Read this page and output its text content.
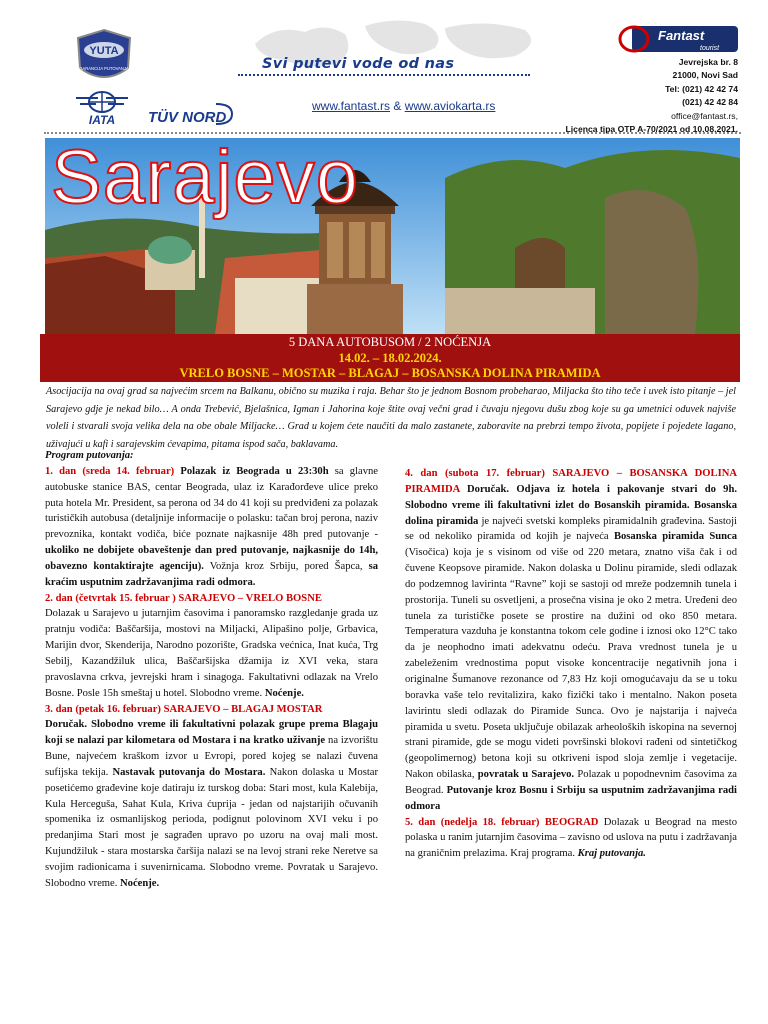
YUTA
GARANCIJA PUTOVANJA
IATA TÜV NORD
Svi putevi vode od nas
www.fantast.rs & www.aviokarta.rs
Fantast
tourist
Jevrejska br. 8
21000, Novi Sad
Tel: (021) 42 42 74
(021) 42 42 84
office@fantast.rs,
Licenca tipa OTP A-70/2021 od 10.08.2021.
Sarajevo
5 DANA AUTOBUSOM / 2 NOĆENJA
14.02. – 18.02.2024.
VRELO BOSNE – MOSTAR – BLAGAJ – BOSANSKA DOLINA PIRAMIDA
Asocijacija na ovaj grad sa najvećim srcem na Balkanu, obično su muzika i raja. Behar što je jednom Bosnom probeharao, Miljacka što tiho teče i uvek isto pitanje – jel Sarajevo gdje je nekad bilo… A onda Trebević, Bjelašnica, Igman i Jahorina koje štite ovaj večni grad i čuvaju njegovu dušu zbog koje su ga umetnici oduvek najviše voleli i stvarali svoja velika dela na obe obale Miljacke… Grad u kojem ćete naučiti da malo zastanete, zaboravite na prebrzi tempo života, popijete i pojedete lagano, uživajući u kafi i sarajevskim ćevapima, pitama ispod sača, baklavama.
Program putovanja:
1. dan (sreda 14. februar) Polazak iz Beograda u 23:30h sa glavne autobuske stanice BAS, centar Beograda, ulaz iz Karađorđeve ulice preko puta hotela Mr. President, sa perona od 34 do 41 koji su predviđeni za polazak turističkih autobusa (detaljnije informacije o polasku: tačan broj perona, naziv prevoznika, kontakt vodiča, biće poznate najkasnije 48h pred putovanje - ukoliko ne dobijete obaveštenje dan pred putovanje, najkasnije do 14h, obavezno kontaktirajte agenciju). Vožnja kroz Srbiju, pored Šapca, sa kraćim usputnim zadržavanjima radi odmora.
2. dan (četvrtak 15. februar ) SARAJEVO – VRELO BOSNE
Dolazak u Sarajevo u jutarnjim časovima i panoramsko razgledanje grada uz pratnju vodiča: Baščaršija, mostovi na Miljacki, Alipašino polje, Grbavica, Marijin dvor, Skenderija, Narodno pozorište, Gradska većnica, Inat kuća, Trg Sebilj, Kazandžiluk ulica, Baščaršijska džamija iz XVI veka, stara pravoslavna crkva, jevrejski hram i sinagoga. Fakultativni odlazak na Vrelo Bosne. Posle 15h smeštaj u hotel. Slobodno vreme. Noćenje.
3. dan (petak 16. februar) SARAJEVO – BLAGAJ MOSTAR
Doručak. Slobodno vreme ili fakultativni polazak grupe prema Blagaju koji se nalazi par kilometara od Mostara i na kratko uživanje na izvorištu Bune, najvećem kraškom izvor u Evropi, pored kojeg se nalazi čuvena sufijska tekija. Nastavak putovanja do Mostara. Nakon dolaska u Mostar posetićemo građevine koje datiraju iz turskog doba: Stari most, kula Kalebija, Kula Herceguša, Sahat Kula, Kriva ćuprija - jedan od najstarijih očuvanih spomenika iz osmanlijskog perioda, podignut polovinom XVI veku i po predanjima Stari most je sagrađen upravo po uzoru na ovaj mali most. Kujundžiluk - stara mostarska čaršija nalazi se na levoj strani reke Neretve sa svojim radionicama i suvenirnicama. Slobodno vreme. Povratak u Sarajevo. Slobodno vreme. Noćenje.
4. dan (subota 17. februar) SARAJEVO – BOSANSKA DOLINA PIRAMIDA Doručak. Odjava iz hotela i pakovanje stvari do 9h. Slobodno vreme ili fakultativni izlet do Bosanskih piramida. Bosanska dolina piramida je najveći svetski kompleks piramidalnih građevina. Sastoji se od nekoliko piramida od kojih je najveća Bosanska piramida Sunca (Visočica) koja je s visinom od više od 220 metara, znatno viša čak i od čuvene Keopsove piramide. Nakon dolaska u Dolinu piramide, sledi odlazak do podzemnog lavirinta “Ravne” koji se sastoji od mreže podzemnih tunela i prostorija. Tuneli su osvetljeni, a prosečna visina je oko 2 metra. Uređeni deo tunela za turističke posete se prostire na dužini od oko 850 metara. Temperatura vazduha je konstantna tokom cele godine i iznosi oko 12°C tako da je neophodno imati adekvatnu odeću. Prava vrednost tunela je u zabeleženim vrednostima poput visoke koncentracije negativnih jona i originalne Šumanove rezonance od 7,83 Hz koji omogućavaju da se u toku boravka vaše telo revitalizira, kako fizički tako i mentalno. Nakon poseta lavirintu sledi odlazak do Piramide Sunca. Ovo je najstarija i najveća piramida u svetu. Poseta uključuje obilazak arheoloških iskopina na severnoj strani piramide, gde se mogu videti površinski blokovi rađeni od sintetičkog (geopolimernog) betona koji su otkriveni ispod sloja zemlje i vegetacije. Nakon obilaska, povratak u Sarajevo. Polazak u popodnevnim časovima za Beograd. Putovanje kroz Bosnu i Srbiju sa usputnim zadržavanjima radi odmora
5. dan (nedelja 18. februar) BEOGRAD Dolazak u Beograd na mesto polaska u ranim jutarnjim časovima – zavisno od uslova na putu i zadržavanja na graničnim prelazima. Kraj programa. Kraj putovanja.
